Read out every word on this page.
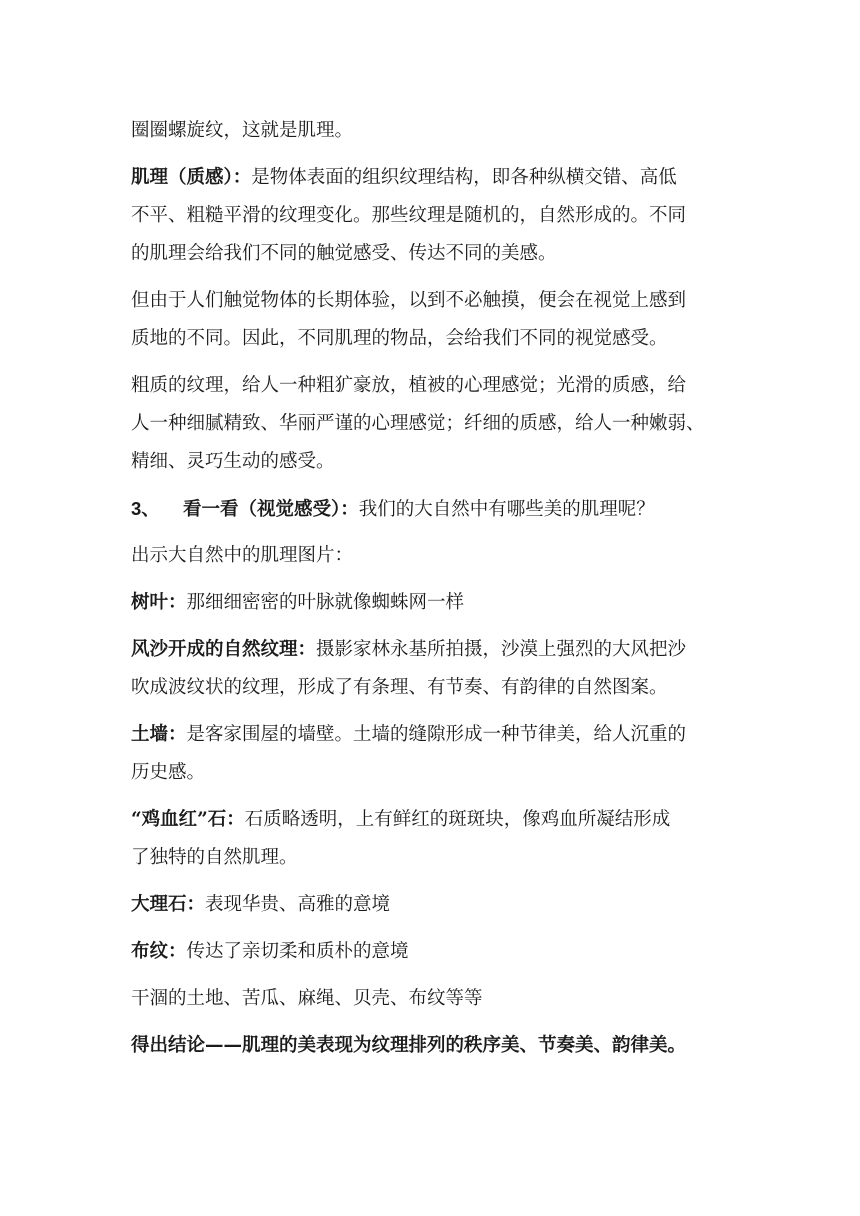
圈圈螺旋纹，这就是肌理。
肌理（质感）：是物体表面的组织纹理结构，即各种纵横交错、高低
不平、粗糙平滑的纹理变化。那些纹理是随机的，自然形成的。不同
的肌理会给我们不同的触觉感受、传达不同的美感。
但由于人们触觉物体的长期体验，以到不必触摸，便会在视觉上感到
质地的不同。因此，不同肌理的物品，会给我们不同的视觉感受。
粗质的纹理，给人一种粗犷豪放，植被的心理感觉；光滑的质感，给
人一种细腻精致、华丽严谨的心理感觉；纤细的质感，给人一种嫩弱、
精细、灵巧生动的感受。
3、 看一看（视觉感受）：我们的大自然中有哪些美的肌理呢？
出示大自然中的肌理图片：
树叶：那细细密密的叶脉就像蜘蛛网一样
风沙开成的自然纹理：摄影家林永基所拍摄，沙漠上强烈的大风把沙
吹成波纹状的纹理，形成了有条理、有节奏、有韵律的自然图案。
土墙：是客家围屋的墙壁。土墙的缝隙形成一种节律美，给人沉重的
历史感。
“鸡血红”石：石质略透明，上有鲜红的斑斑块，像鸡血所凝结形成
了独特的自然肌理。
大理石：表现华贵、高雅的意境
布纹：传达了亲切柔和质朴的意境
干涸的土地、苦瓜、麻绳、贝壳、布纹等等
得出结论——肌理的美表现为纹理排列的秩序美、节奏美、韵律美。
